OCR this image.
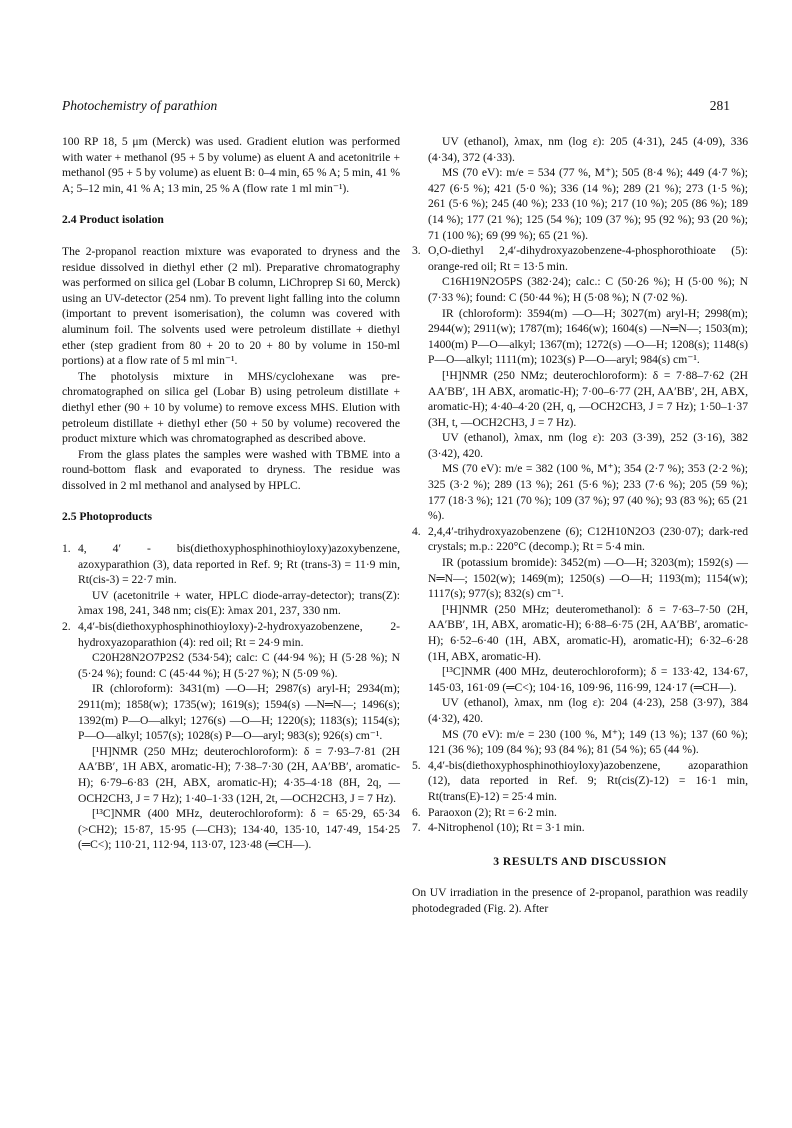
Photochemistry of parathion	281

100 RP 18, 5 μm (Merck) was used. Gradient elution was performed with water + methanol (95 + 5 by volume) as eluent A and acetonitrile + methanol (95 + 5 by volume) as eluent B: 0–4 min, 65 % A; 5 min, 41 % A; 5–12 min, 41 % A; 13 min, 25 % A (flow rate 1 ml min⁻¹).

2.4 Product isolation

The 2-propanol reaction mixture was evaporated to dryness and the residue dissolved in diethyl ether (2 ml). Preparative chromatography was performed on silica gel (Lobar B column, LiChroprep Si 60, Merck) using an UV-detector (254 nm). To prevent light falling into the column (important to prevent isomerisation), the column was covered with aluminum foil. The solvents used were petroleum distillate + diethyl ether (step gradient from 80 + 20 to 20 + 80 by volume in 150-ml portions) at a flow rate of 5 ml min⁻¹.

The photolysis mixture in MHS/cyclohexane was pre-chromatographed on silica gel (Lobar B) using petroleum distillate + diethyl ether (90 + 10 by volume) to remove excess MHS. Elution with petroleum distillate + diethyl ether (50 + 50 by volume) recovered the product mixture which was chromatographed as described above.

From the glass plates the samples were washed with TBME into a round-bottom flask and evaporated to dryness. The residue was dissolved in 2 ml methanol and analysed by HPLC.

2.5 Photoproducts

1. 4, 4′ - bis(diethoxyphosphinothioyloxy)azoxybenzene, azoxyparathion (3), data reported in Ref. 9; Rt (trans-3) = 11·9 min, Rt(cis-3) = 22·7 min.

UV (acetonitrile + water, HPLC diode-array-detector); trans(Z): λmax 198, 241, 348 nm; cis(E): λmax 201, 237, 330 nm.

2. 4,4′-bis(diethoxyphosphinothioyloxy)-2-hydroxyazobenzene, 2-hydroxyazoparathion (4): red oil; Rt = 24·9 min.

C20H28N2O7P2S2 (534·54); calc: C (44·94 %); H (5·28 %); N (5·24 %); found: C (45·44 %); H (5·27 %); N (5·09 %).

IR (chloroform): 3431(m) —O—H; 2987(s) aryl-H; 2934(m); 2911(m); 1858(w); 1735(w); 1619(s); 1594(s) —N═N—; 1496(s); 1392(m) P—O—alkyl; 1276(s) —O—H; 1220(s); 1183(s); 1154(s); P—O—alkyl; 1057(s); 1028(s) P—O—aryl; 983(s); 926(s) cm⁻¹.

[¹H]NMR (250 MHz; deuterochloroform): δ = 7·93–7·81 (2H AA′BB′, 1H ABX, aromatic-H); 7·38–7·30 (2H, AA′BB′, aromatic-H); 6·79–6·83 (2H, ABX, aromatic-H); 4·35–4·18 (8H, 2q, —OCH2CH3, J = 7 Hz); 1·40–1·33 (12H, 2t, —OCH2CH3, J = 7 Hz).

[¹³C]NMR (400 MHz, deuterochloroform): δ = 65·29, 65·34 (>CH2); 15·87, 15·95 (—CH3); 134·40, 135·10, 147·49, 154·25 (═C<); 110·21, 112·94, 113·07, 123·48 (═CH—).

UV (ethanol), λmax, nm (log ε): 205 (4·31), 245 (4·09), 336 (4·34), 372 (4·33).

MS (70 eV): m/e = 534 (77 %, M⁺); 505 (8·4 %); 449 (4·7 %); 427 (6·5 %); 421 (5·0 %); 336 (14 %); 289 (21 %); 273 (1·5 %); 261 (5·6 %); 245 (40 %); 233 (10 %); 217 (10 %); 205 (86 %); 189 (14 %); 177 (21 %); 125 (54 %); 109 (37 %); 95 (92 %); 93 (20 %); 71 (100 %); 69 (99 %); 65 (21 %).

3. O,O-diethyl 2,4′-dihydroxyazobenzene-4-phosphorothioate (5): orange-red oil; Rt = 13·5 min.

C16H19N2O5PS (382·24); calc.: C (50·26 %); H (5·00 %); N (7·33 %); found: C (50·44 %); H (5·08 %); N (7·02 %).

IR (chloroform): 3594(m) —O—H; 3027(m) aryl-H; 2998(m); 2944(w); 2911(w); 1787(m); 1646(w); 1604(s) —N═N—; 1503(m); 1400(m) P—O—alkyl; 1367(m); 1272(s) —O—H; 1208(s); 1148(s) P—O—alkyl; 1111(m); 1023(s) P—O—aryl; 984(s) cm⁻¹.

[¹H]NMR (250 NMz; deuterochloroform): δ = 7·88–7·62 (2H AA′BB′, 1H ABX, aromatic-H); 7·00–6·77 (2H, AA′BB′, 2H, ABX, aromatic-H); 4·40–4·20 (2H, q, —OCH2CH3, J = 7 Hz); 1·50–1·37 (3H, t, —OCH2CH3, J = 7 Hz).

UV (ethanol), λmax, nm (log ε): 203 (3·39), 252 (3·16), 382 (3·42), 420.

MS (70 eV): m/e = 382 (100 %, M⁺); 354 (2·7 %); 353 (2·2 %); 325 (3·2 %); 289 (13 %); 261 (5·6 %); 233 (7·6 %); 205 (59 %); 177 (18·3 %); 121 (70 %); 109 (37 %); 97 (40 %); 93 (83 %); 65 (21 %).

4. 2,4,4′-trihydroxyazobenzene (6); C12H10N2O3 (230·07); dark-red crystals; m.p.: 220°C (decomp.); Rt = 5·4 min.

IR (potassium bromide): 3452(m) —O—H; 3203(m); 1592(s) —N═N—; 1502(w); 1469(m); 1250(s) —O—H; 1193(m); 1154(w); 1117(s); 977(s); 832(s) cm⁻¹.

[¹H]NMR (250 MHz; deuteromethanol): δ = 7·63–7·50 (2H, AA′BB′, 1H, ABX, aromatic-H); 6·88–6·75 (2H, AA′BB′, aromatic-H); 6·52–6·40 (1H, ABX, aromatic-H), aromatic-H); 6·32–6·28 (1H, ABX, aromatic-H).

[¹³C]NMR (400 MHz, deuterochloroform); δ = 133·42, 134·67, 145·03, 161·09 (═C<); 104·16, 109·96, 116·99, 124·17 (═CH—).

UV (ethanol), λmax, nm (log ε): 204 (4·23), 258 (3·97), 384 (4·32), 420.

MS (70 eV): m/e = 230 (100 %, M⁺); 149 (13 %); 137 (60 %); 121 (36 %); 109 (84 %); 93 (84 %); 81 (54 %); 65 (44 %).

5. 4,4′-bis(diethoxyphosphinothioyloxy)azobenzene, azoparathion (12), data reported in Ref. 9; Rt(cis(Z)-12) = 16·1 min, Rt(trans(E)-12) = 25·4 min.

6. Paraoxon (2); Rt = 6·2 min.

7. 4-Nitrophenol (10); Rt = 3·1 min.

3 RESULTS AND DISCUSSION

On UV irradiation in the presence of 2-propanol, parathion was readily photodegraded (Fig. 2). After
